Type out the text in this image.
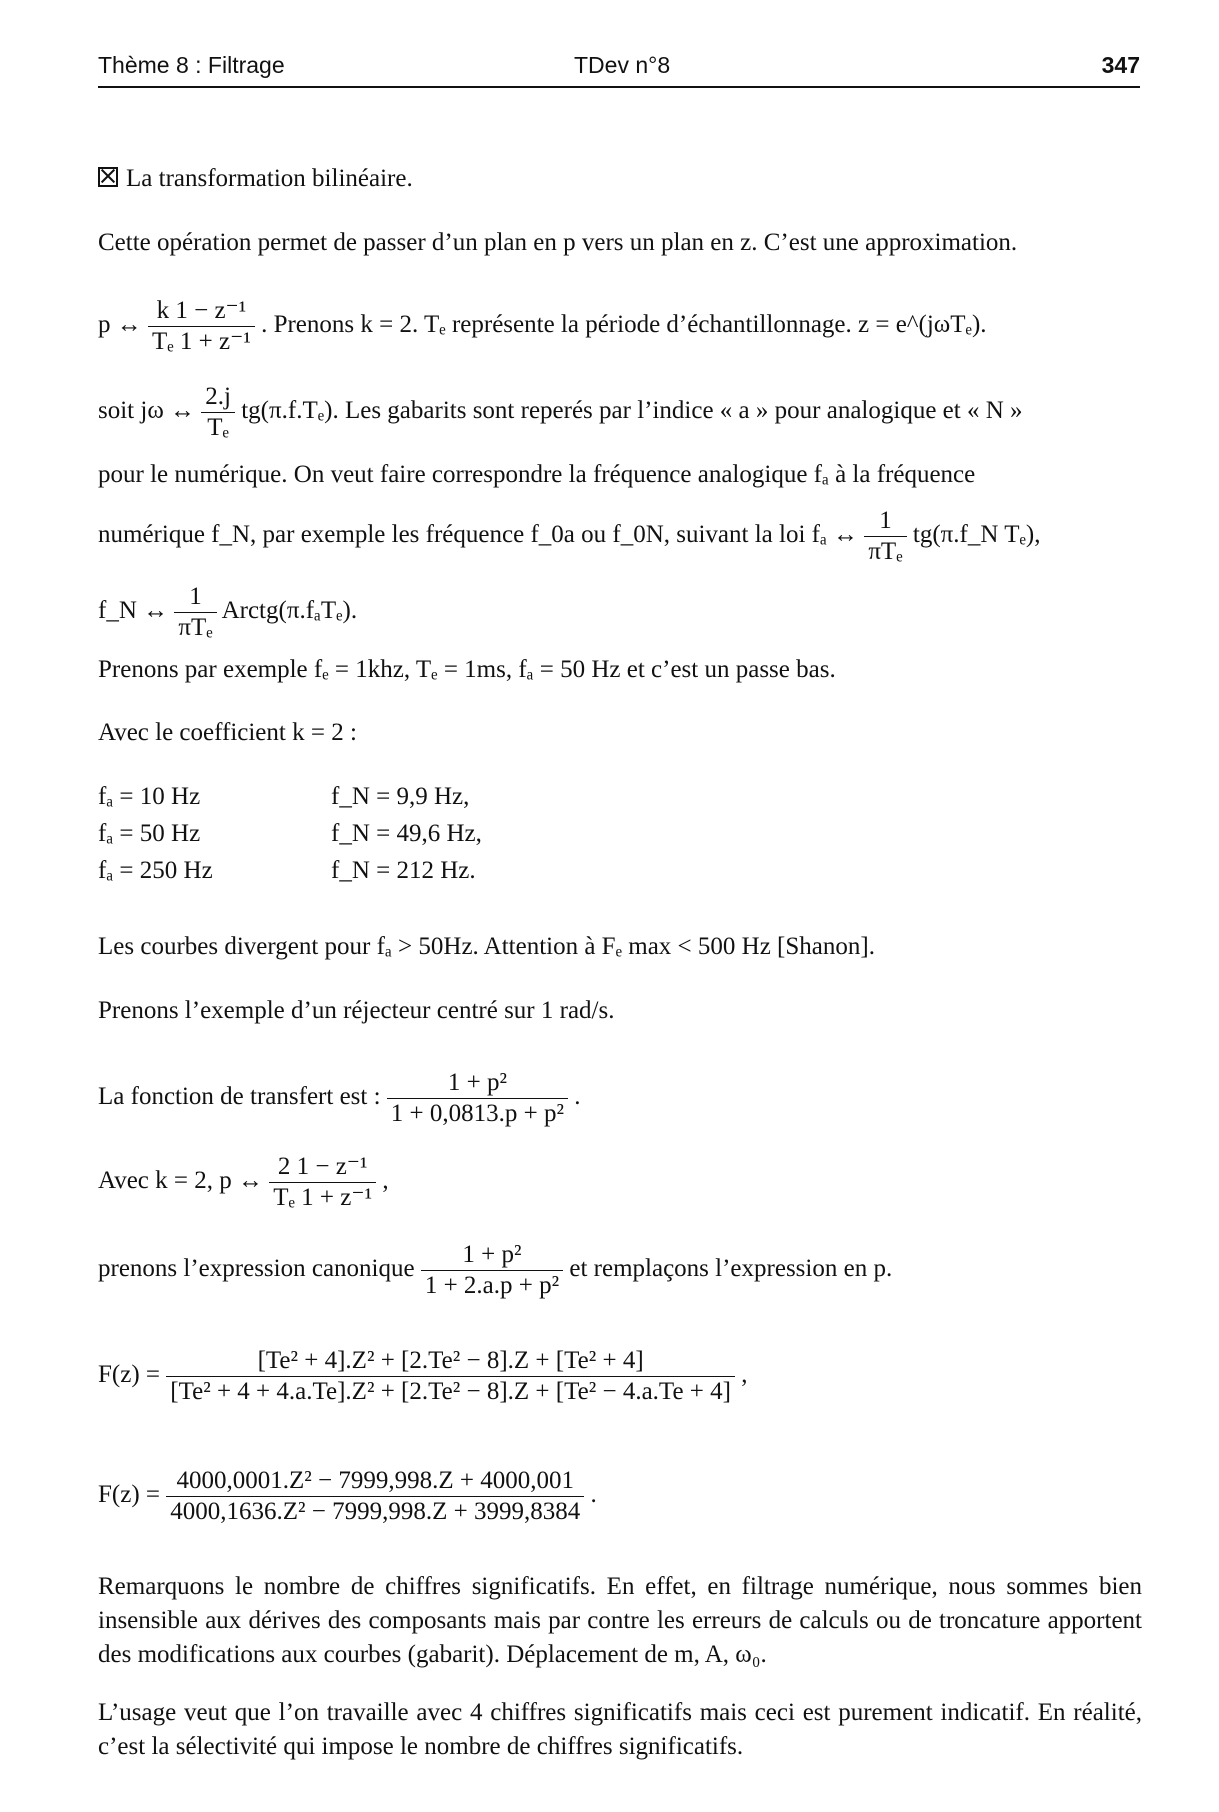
Thème 8 : Filtrage	TDev n°8	347
La transformation bilinéaire.
Cette opération permet de passer d’un plan en p vers un plan en z. C’est une approximation.
p ↔ $\frac{\text{k 1 − z⁻¹}}{\text{Tₑ 1 + z⁻¹}}$ . Prenons k = 2. Tₑ représente la période d’échantillonnage. z = e^(jωTₑ).
soit jω ↔ $\frac{2.j}{\text{Tₑ}} tg(\pi.f.T_e)$. Les gabarits sont reperés par l’indice « a » pour analogique et « N »
pour le numérique. On veut faire correspondre la fréquence analogique fₐ à la fréquence
numérique f_N, par exemple les fréquence f_0a ou f_0N, suivant la loi fₐ ↔ $\frac{1}{\text{πTₑ}}$ tg(π.f_N Tₑ),
f_N ↔ $\frac{1}{\text{πTₑ}}$ Arctg(π.fₐTₑ).
Prenons par exemple fₑ = 1khz, Tₑ = 1ms, fₐ = 50 Hz et c’est un passe bas.
Avec le coefficient k = 2 :
fₐ = 10 Hz	f_N = 9,9 Hz,
fₐ = 50 Hz	f_N = 49,6 Hz,
fₐ = 250 Hz	f_N = 212 Hz.
Les courbes divergent pour fₐ > 50Hz. Attention à Fₑ max < 500 Hz [Shanon].
Prenons l’exemple d’un réjecteur centré sur 1 rad/s.
La fonction de transfert est : $\frac{\text{1 + p²}}{\text{1 + 0,0813.p + p²}}$ .
Avec k = 2, p ↔ $\frac{\text{2 1 − z⁻¹}}{\text{Tₑ 1 + z⁻¹}}$ ,
prenons l’expression canonique $\frac{\text{1 + p²}}{\text{1 + 2.a.p + p²}}$ et remplaçons l’expression en p.
$F(z) = \frac{\text{[Te² + 4].Z² + [2.Te² − 8].Z + [Te² + 4]}}{\text{[Te² + 4 + 4.a.Te].Z² + [2.Te² − 8].Z + [Te² − 4.a.Te + 4]}}$ ,
$F(z) = \frac{\text{4000,0001.Z² − 7999,998.Z + 4000,001}}{\text{4000,1636.Z² − 7999,998.Z + 3999,8384}}$ .
Remarquons le nombre de chiffres significatifs. En effet, en filtrage numérique, nous sommes bien insensible aux dérives des composants mais par contre les erreurs de calculs ou de troncature apportent des modifications aux courbes (gabarit). Déplacement de m, A, ω₀.
L’usage veut que l’on travaille avec 4 chiffres significatifs mais ceci est purement indicatif. En réalité, c’est la sélectivité qui impose le nombre de chiffres significatifs.
